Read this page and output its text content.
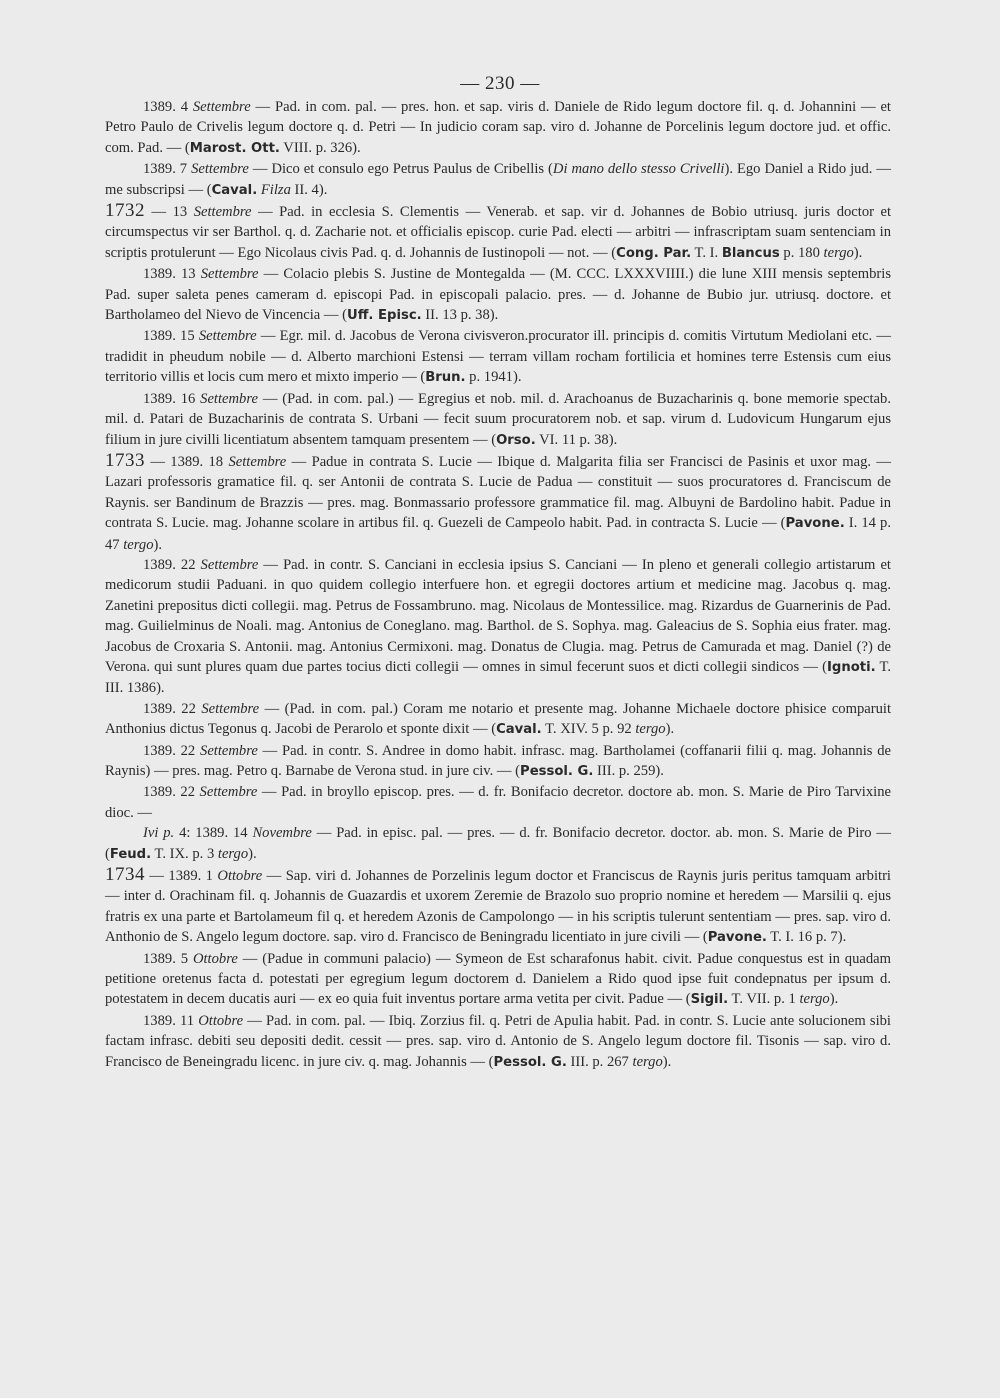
— 230 —

1389. 4 Settembre — Pad. in com. pal. — pres. hon. et sap. viris d. Daniele de Rido legum doctore fil. q. d. Johannini — et Petro Paulo de Crivelis legum doctore q. d. Petri — In judicio coram sap. viro d. Johanne de Porcelinis legum doctore jud. et offic. com. Pad. — (Marost. Ott. VIII. p. 326).

1389. 7 Settembre — Dico et consulo ego Petrus Paulus de Cribellis (Di mano dello stesso Crivelli). Ego Daniel a Rido jud. — me subscripsi — (Caval. Filza II. 4).

1732 — 13 Settembre — Pad. in ecclesia S. Clementis — Venerab. et sap. vir d. Johannes de Bobio utriusq. juris doctor et circumspectus vir ser Barthol. q. d. Zacharie not. et officialis episcop. curie Pad. electi — arbitri — infrascriptam suam sentenciam in scriptis protulerunt — Ego Nicolaus civis Pad. q. d. Johannis de Iustinopoli — not. — (Cong. Par. T. I. Blancus p. 180 tergo).

1389. 13 Settembre — Colacio plebis S. Justine de Montegalda — (M. CCC. LXXXVIIII.) die lune XIII mensis septembris Pad. super saleta penes cameram d. episcopi Pad. in episcopali palacio. pres. — d. Johanne de Bubio jur. utriusq. doctore. et Bartholameo del Nievo de Vincencia — (Uff. Episc. II. 13 p. 38).

1389. 15 Settembre — Egr. mil. d. Jacobus de Verona civisveron.procurator ill. principis d. comitis Virtutum Mediolani etc. — tradidit in pheudum nobile — d. Alberto marchioni Estensi — terram villam rocham fortilicia et homines terre Estensis cum eius territorio villis et locis cum mero et mixto imperio — (Brun. p. 1941).

1389. 16 Settembre — (Pad. in com. pal.) — Egregius et nob. mil. d. Arachoanus de Buzacharinis q. bone memorie spectab. mil. d. Patari de Buzacharinis de contrata S. Urbani — fecit suum procuratorem nob. et sap. virum d. Ludovicum Hungarum ejus filium in jure civilli licentiatum absentem tamquam presentem — (Orso. VI. 11 p. 38).

1733 — 1389. 18 Settembre — Padue in contrata S. Lucie — Ibique d. Malgarita filia ser Francisci de Pasinis et uxor mag. — Lazari professoris gramatice fil. q. ser Antonii de contrata S. Lucie de Padua — constituit — suos procuratores d. Franciscum de Raynis. ser Bandinum de Brazzis — pres. mag. Bonmassario professore grammatice fil. mag. Albuyni de Bardolino habit. Padue in contrata S. Lucie. mag. Johanne scolare in artibus fil. q. Guezeli de Campeolo habit. Pad. in contracta S. Lucie — (Pavone. I. 14 p. 47 tergo).

1389. 22 Settembre — Pad. in contr. S. Canciani in ecclesia ipsius S. Canciani — In pleno et generali collegio artistarum et medicorum studii Paduani. in quo quidem collegio interfuere hon. et egregii doctores artium et medicine mag. Jacobus q. mag. Zanetini prepositus dicti collegii. mag. Petrus de Fossambruno. mag. Nicolaus de Montessilice. mag. Rizardus de Guarnerinis de Pad. mag. Guilielminus de Noali. mag. Antonius de Coneglano. mag. Barthol. de S. Sophya. mag. Galeacius de S. Sophia eius frater. mag. Jacobus de Croxaria S. Antonii. mag. Antonius Cermixoni. mag. Donatus de Clugia. mag. Petrus de Camurada et mag. Daniel (?) de Verona. qui sunt plures quam due partes tocius dicti collegii — omnes in simul fecerunt suos et dicti collegii sindicos — (Ignoti. T. III. 1386).

1389. 22 Settembre — (Pad. in com. pal.) Coram me notario et presente mag. Johanne Michaele doctore phisice comparuit Anthonius dictus Tegonus q. Jacobi de Perarolo et sponte dixit — (Caval. T. XIV. 5 p. 92 tergo).

1389. 22 Settembre — Pad. in contr. S. Andree in domo habit. infrasc. mag. Bartholamei (coffanarii filii q. mag. Johannis de Raynis) — pres. mag. Petro q. Barnabe de Verona stud. in jure civ. — (Pessol. G. III. p. 259).

1389. 22 Settembre — Pad. in broyllo episcop. pres. — d. fr. Bonifacio decretor. doctore ab. mon. S. Marie de Piro Tarvixine dioc. —

Ivi p. 4: 1389. 14 Novembre — Pad. in episc. pal. — pres. — d. fr. Bonifacio decretor. doctor. ab. mon. S. Marie de Piro — (Feud. T. IX. p. 3 tergo).

1734 — 1389. 1 Ottobre — Sap. viri d. Johannes de Porzelinis legum doctor et Franciscus de Raynis juris peritus tamquam arbitri — inter d. Orachinam fil. q. Johannis de Guazardis et uxorem Zeremie de Brazolo suo proprio nomine et heredem — Marsilii q. ejus fratris ex una parte et Bartolameum fil q. et heredem Azonis de Campolongo — in his scriptis tulerunt sententiam — pres. sap. viro d. Anthonio de S. Angelo legum doctore. sap. viro d. Francisco de Beningradu licentiato in jure civili — (Pavone. T. I. 16 p. 7).

1389. 5 Ottobre — (Padue in communi palacio) — Symeon de Est scharafonus habit. civit. Padue conquestus est in quadam petitione oretenus facta d. potestati per egregium legum doctorem d. Danielem a Rido quod ipse fuit condepnatus per ipsum d. potestatem in decem ducatis auri — ex eo quia fuit inventus portare arma vetita per civit. Padue — (Sigil. T. VII. p. 1 tergo).

1389. 11 Ottobre — Pad. in com. pal. — Ibiq. Zorzius fil. q. Petri de Apulia habit. Pad. in contr. S. Lucie ante solucionem sibi factam infrasc. debiti seu depositi dedit. cessit — pres. sap. viro d. Antonio de S. Angelo legum doctore fil. Tisonis — sap. viro d. Francisco de Beneingradu licenc. in jure civ. q. mag. Johannis — (Pessol. G. III. p. 267 tergo).
